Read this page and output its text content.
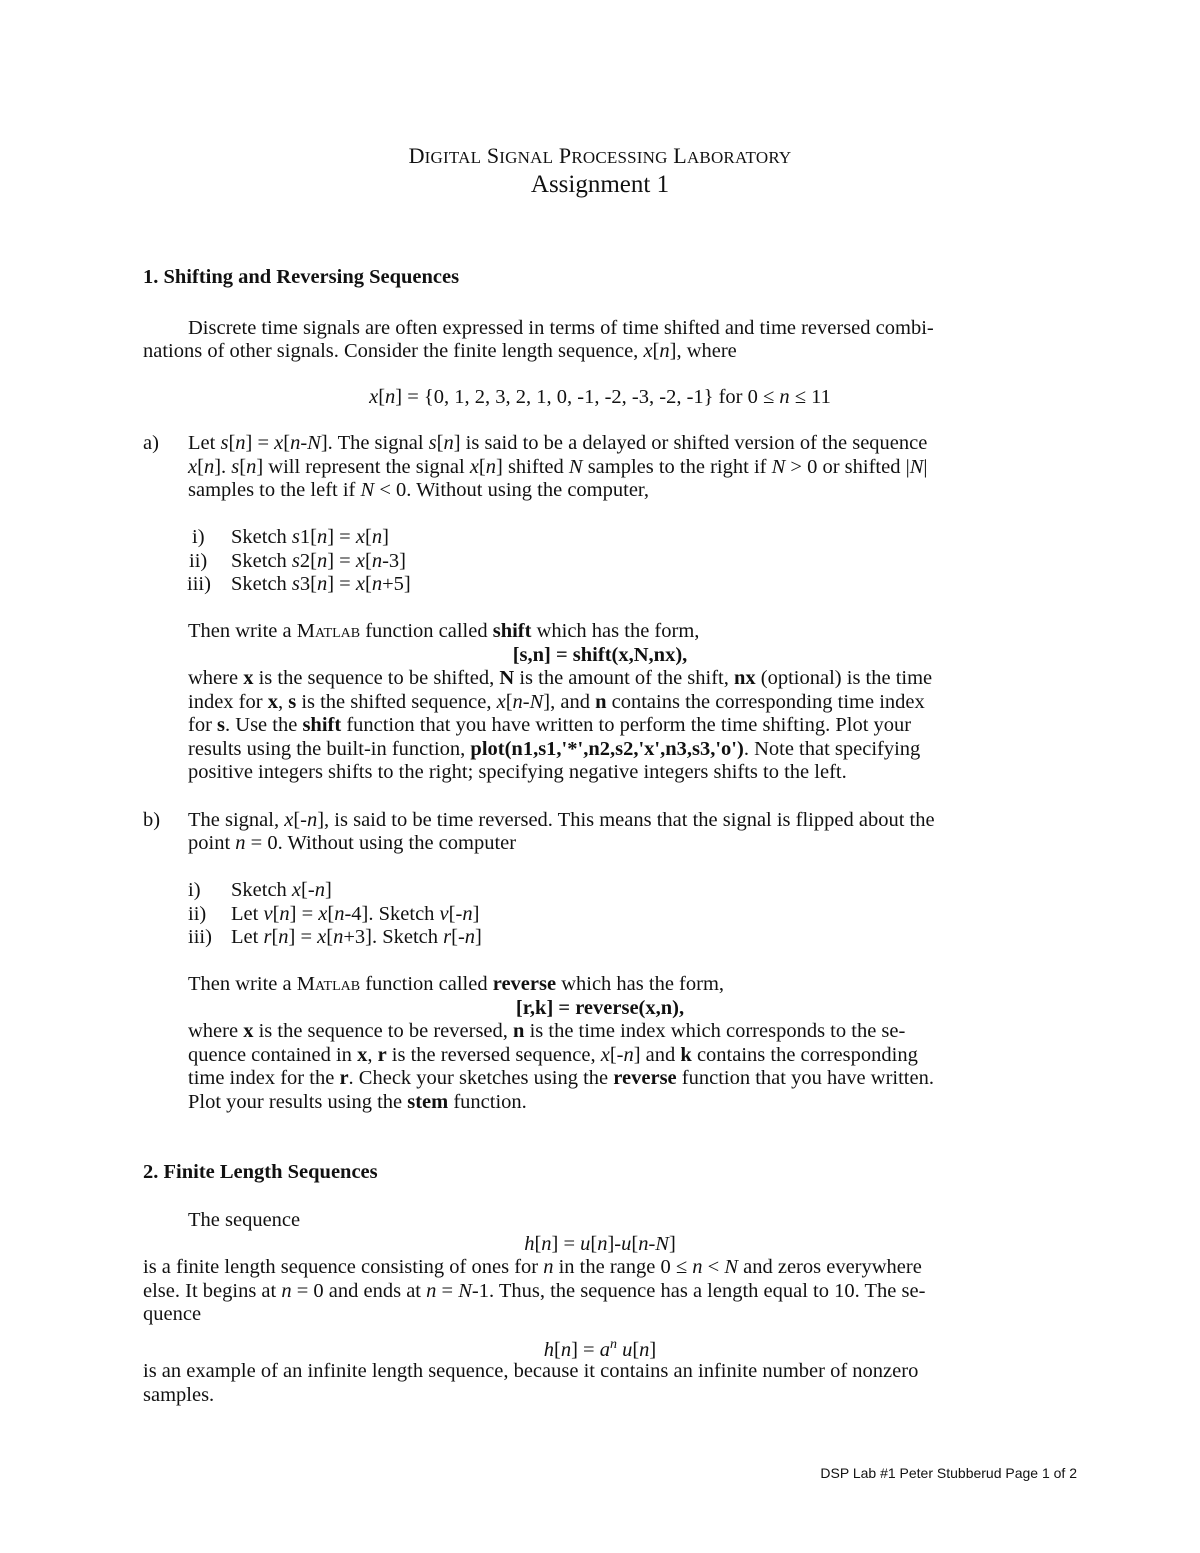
DIGITAL SIGNAL PROCESSING LABORATORY
Assignment 1
1. Shifting and Reversing Sequences
Discrete time signals are often expressed in terms of time shifted and time reversed combi-
nations of other signals. Consider the finite length sequence, x[n], where
x[n] = {0, 1, 2, 3, 2, 1, 0, -1, -2, -3, -2, -1} for 0 ≤ n ≤ 11
a) Let s[n] = x[n-N]. The signal s[n] is said to be a delayed or shifted version of the sequence
x[n]. s[n] will represent the signal x[n] shifted N samples to the right if N > 0 or shifted |N|
samples to the left if N < 0. Without using the computer,
i) Sketch s1[n] = x[n]
ii) Sketch s2[n] = x[n-3]
iii) Sketch s3[n] = x[n+5]
Then write a Matlab function called shift which has the form,
[s,n] = shift(x,N,nx),
where x is the sequence to be shifted, N is the amount of the shift, nx (optional) is the time
index for x, s is the shifted sequence, x[n-N], and n contains the corresponding time index
for s. Use the shift function that you have written to perform the time shifting. Plot your
results using the built-in function, plot(n1,s1,'*',n2,s2,'x',n3,s3,'o'). Note that specifying
positive integers shifts to the right; specifying negative integers shifts to the left.
b) The signal, x[-n], is said to be time reversed. This means that the signal is flipped about the
point n = 0. Without using the computer
i) Sketch x[-n]
ii) Let v[n] = x[n-4]. Sketch v[-n]
iii) Let r[n] = x[n+3]. Sketch r[-n]
Then write a Matlab function called reverse which has the form,
[r,k] = reverse(x,n),
where x is the sequence to be reversed, n is the time index which corresponds to the se-
quence contained in x, r is the reversed sequence, x[-n] and k contains the corresponding
time index for the r. Check your sketches using the reverse function that you have written.
Plot your results using the stem function.
2. Finite Length Sequences
The sequence
h[n] = u[n]-u[n-N]
is a finite length sequence consisting of ones for n in the range 0 ≤ n < N and zeros everywhere
else. It begins at n = 0 and ends at n = N-1. Thus, the sequence has a length equal to 10. The se-
quence
$h[n] = a^n$ u[n]
is an example of an infinite length sequence, because it contains an infinite number of nonzero
samples.
DSP Lab #1 Peter Stubberud Page 1 of 2
